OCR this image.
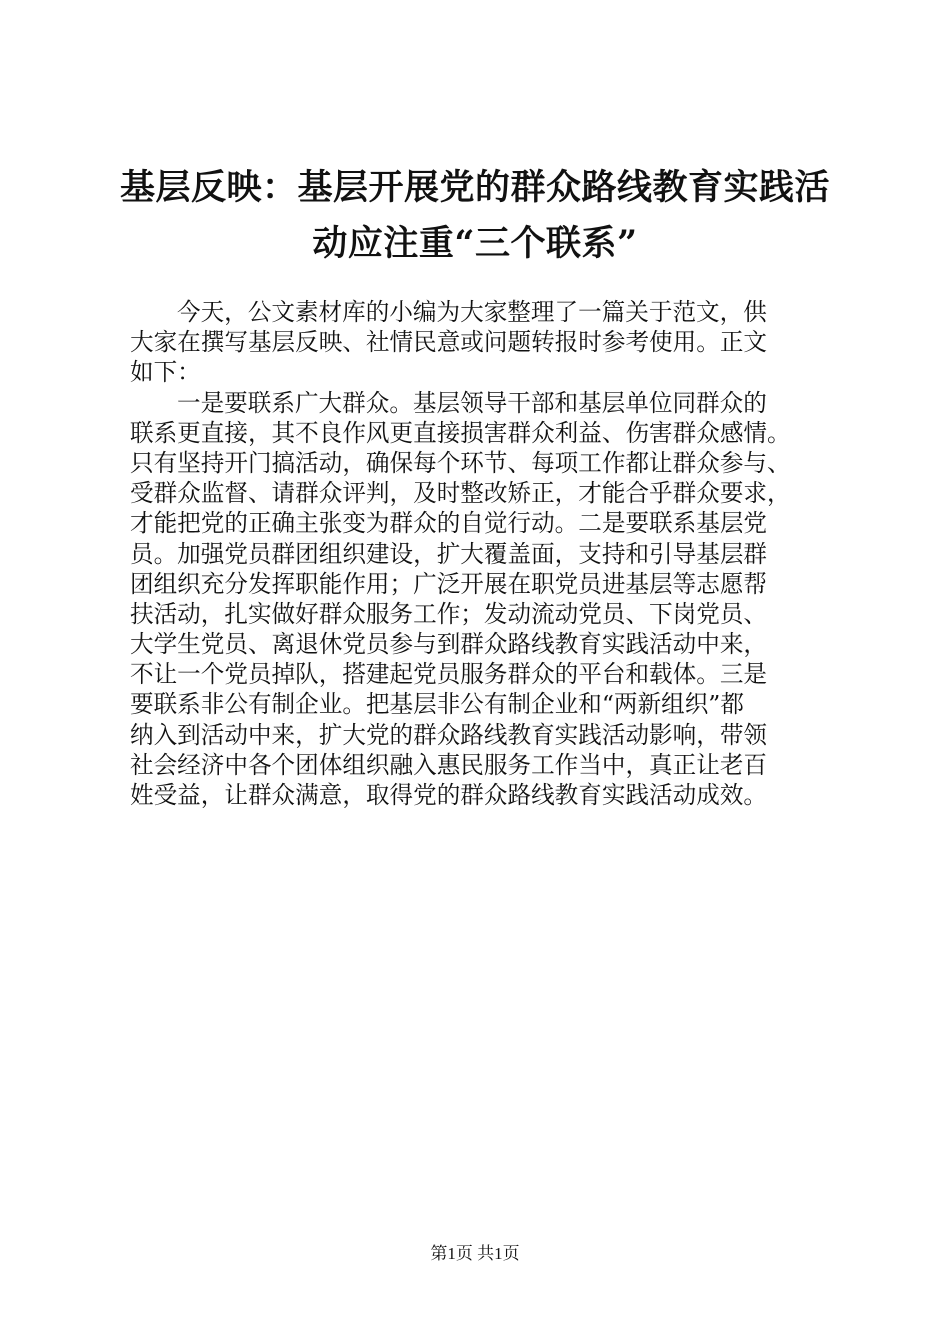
基层反映：基层开展党的群众路线教育实践活
动应注重“三个联系”
今天，公文素材库的小编为大家整理了一篇关于范文，供
大家在撰写基层反映、社情民意或问题转报时参考使用。正文
如下：
一是要联系广大群众。基层领导干部和基层单位同群众的
联系更直接，其不良作风更直接损害群众利益、伤害群众感情。
只有坚持开门搞活动，确保每个环节、每项工作都让群众参与、
受群众监督、请群众评判，及时整改矫正，才能合乎群众要求，
才能把党的正确主张变为群众的自觉行动。二是要联系基层党
员。加强党员群团组织建设，扩大覆盖面，支持和引导基层群
团组织充分发挥职能作用；广泛开展在职党员进基层等志愿帮
扶活动，扎实做好群众服务工作；发动流动党员、下岗党员、
大学生党员、离退休党员参与到群众路线教育实践活动中来，
不让一个党员掉队，搭建起党员服务群众的平台和载体。三是
要联系非公有制企业。把基层非公有制企业和“两新组织”都
纳入到活动中来，扩大党的群众路线教育实践活动影响，带领
社会经济中各个团体组织融入惠民服务工作当中，真正让老百
姓受益，让群众满意，取得党的群众路线教育实践活动成效。
第1页 共1页
